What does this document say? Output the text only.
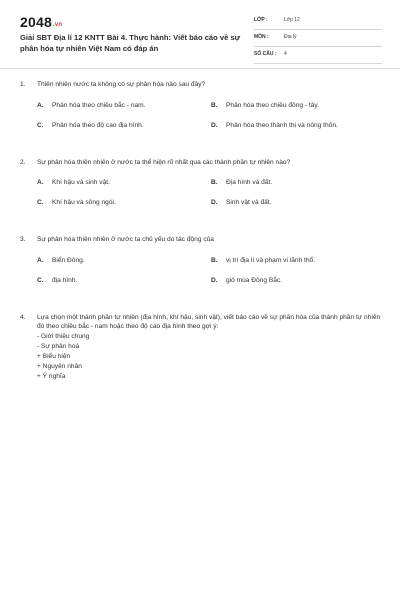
2048.vn
Giải SBT Địa lí 12 KNTT Bài 4. Thực hành: Viết báo cáo về sự phân hóa tự nhiên Việt Nam có đáp án
LỚP :	Lớp 12
MÔN :	Địa lý
SỐ CÂU : 4
1.	Thiên nhiên nước ta không có sự phân hóa nào sau đây?
A.	Phân hóa theo chiều bắc - nam.	B.	Phân hóa theo chiều đông - tây.
C.	Phân hóa theo độ cao địa hình.	D.	Phân hóa theo thành thị và nông thôn.
2.	Sự phân hóa thiên nhiên ở nước ta thể hiện rõ nhất qua các thành phần tự nhiên nào?
A.	Khí hậu và sinh vật.	B.	Địa hình và đất.
C.	Khí hậu và sông ngòi.	D.	Sinh vật và đất.
3.	Sự phân hóa thiên nhiên ở nước ta chủ yếu do tác động của
A.	Biển Đông.	B.	vị trí địa lí và phạm vi lãnh thổ.
C.	địa hình.	D.	gió mùa Đông Bắc.
4.	Lựa chọn một thành phần tự nhiên (địa hình, khí hậu, sinh vật), viết báo cáo về sự phân hóa của thành phần tự nhiên đó theo chiều bắc - nam hoặc theo độ cao địa hình theo gợi ý:
- Giới thiệu chung
- Sự phân hoá
+ Biểu hiện
+ Nguyên nhân
+ Ý nghĩa
